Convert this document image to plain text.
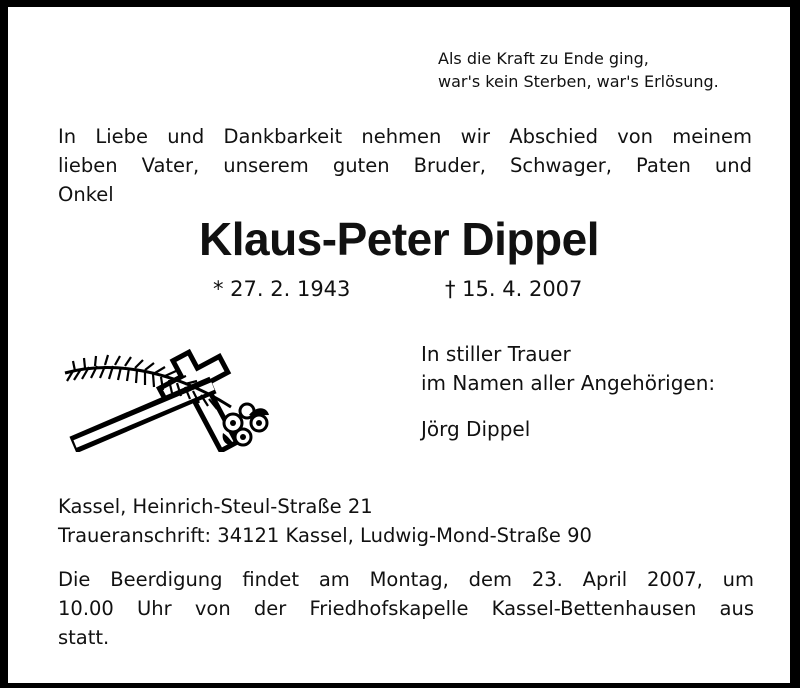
Als die Kraft zu Ende ging,
war's kein Sterben, war's Erlösung.
In Liebe und Dankbarkeit nehmen wir Abschied von meinem
lieben Vater, unserem guten Bruder, Schwager, Paten und
Onkel
Klaus-Peter Dippel
* 27. 2. 1943	† 15. 4. 2007
In stiller Trauer
im Namen aller Angehörigen:
Jörg Dippel
Kassel, Heinrich-Steul-Straße 21
Traueranschrift: 34121 Kassel, Ludwig-Mond-Straße 90
Die Beerdigung findet am Montag, dem 23. April 2007, um
10.00 Uhr von der Friedhofskapelle Kassel-Bettenhausen aus
statt.
